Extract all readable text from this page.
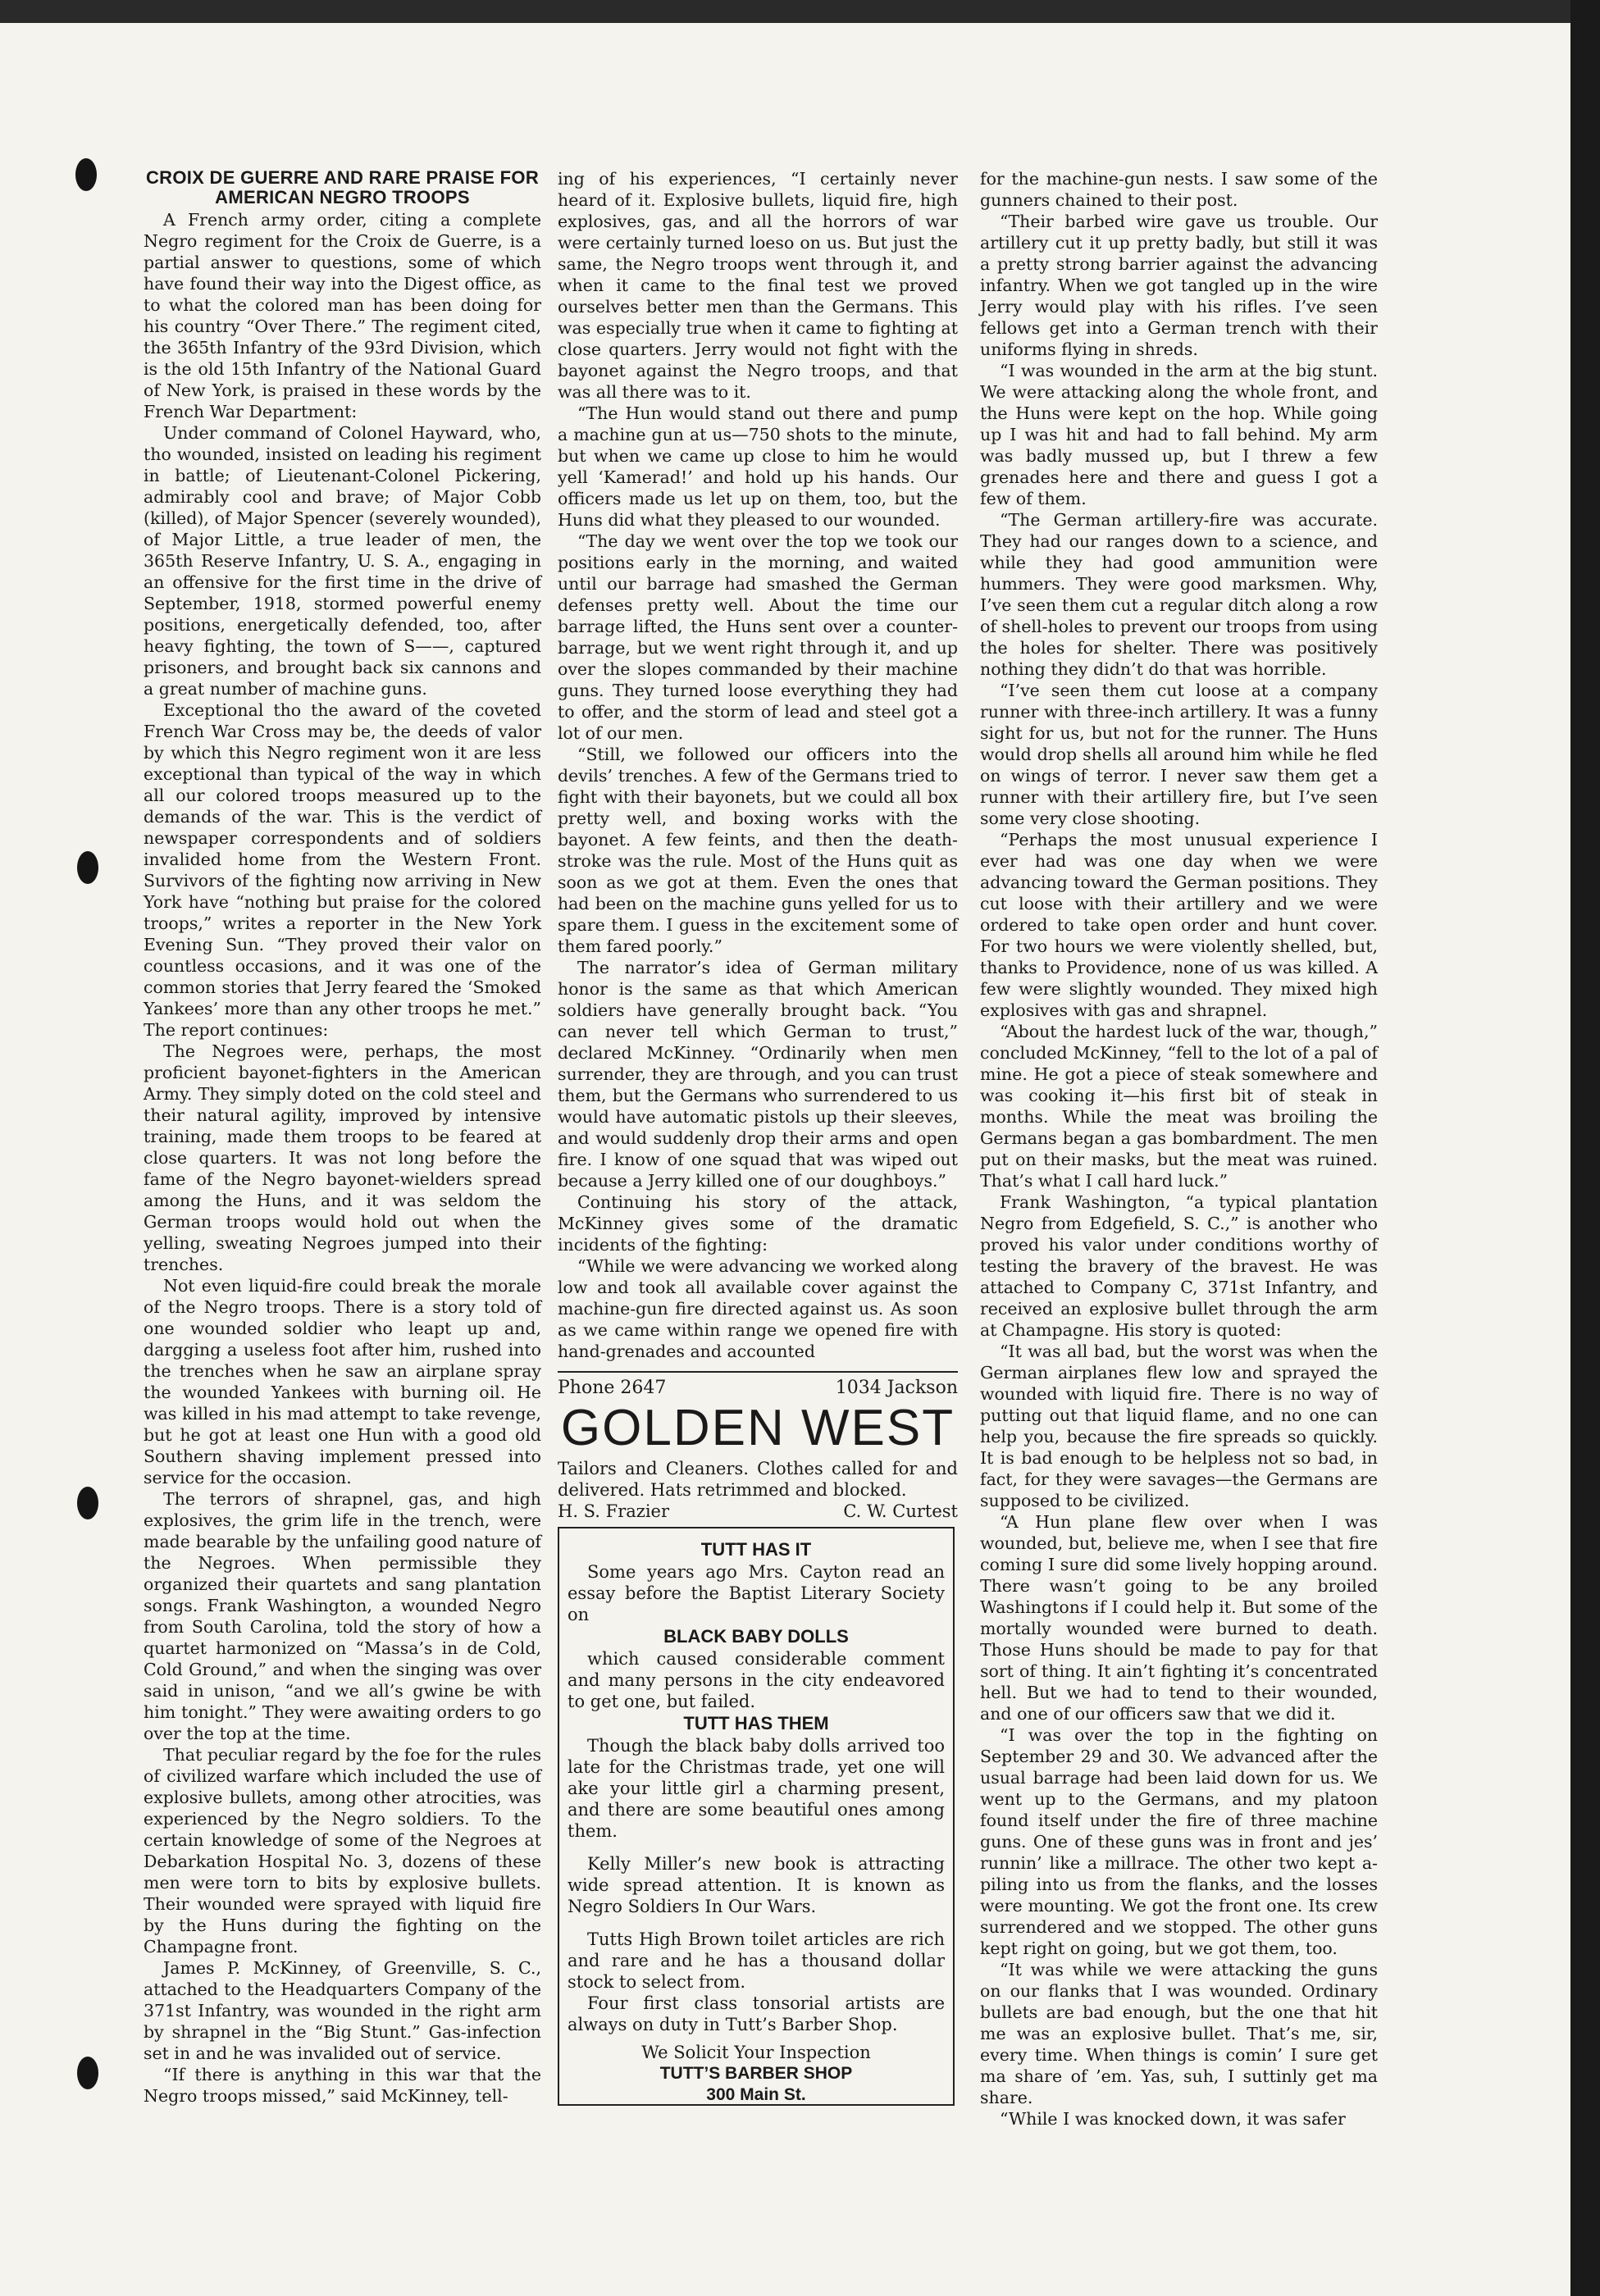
CROIX DE GUERRE AND RARE PRAISE FOR AMERICAN NEGRO TROOPS

A French army order, citing a complete Negro regiment for the Croix de Guerre, is a partial answer to questions, some of which have found their way into the Digest office, as to what the colored man has been doing for his country “Over There.” The regiment cited, the 365th Infantry of the 93rd Division, which is the old 15th Infantry of the National Guard of New York, is praised in these words by the French War Department:

Under command of Colonel Hayward, who, tho wounded, insisted on leading his regiment in battle; of Lieutenant-Colonel Pickering, admirably cool and brave; of Major Cobb (killed), of Major Spencer (severely wounded), of Major Little, a true leader of men, the 365th Reserve Infantry, U. S. A., engaging in an offensive for the first time in the drive of September, 1918, stormed powerful enemy positions, energetically defended, too, after heavy fighting, the town of S——, captured prisoners, and brought back six cannons and a great number of machine guns.

Exceptional tho the award of the coveted French War Cross may be, the deeds of valor by which this Negro regiment won it are less exceptional than typical of the way in which all our colored troops measured up to the demands of the war. This is the verdict of newspaper correspondents and of soldiers invalided home from the Western Front. Survivors of the fighting now arriving in New York have “nothing but praise for the colored troops,” writes a reporter in the New York Evening Sun. “They proved their valor on countless occasions, and it was one of the common stories that Jerry feared the ‘Smoked Yankees’ more than any other troops he met.” The report continues:

The Negroes were, perhaps, the most proficient bayonet-fighters in the American Army. They simply doted on the cold steel and their natural agility, improved by intensive training, made them troops to be feared at close quarters. It was not long before the fame of the Negro bayonet-wielders spread among the Huns, and it was seldom the German troops would hold out when the yelling, sweating Negroes jumped into their trenches.

Not even liquid-fire could break the morale of the Negro troops. There is a story told of one wounded soldier who leapt up and, dargging a useless foot after him, rushed into the trenches when he saw an airplane spray the wounded Yankees with burning oil. He was killed in his mad attempt to take revenge, but he got at least one Hun with a good old Southern shaving implement pressed into service for the occasion.

The terrors of shrapnel, gas, and high explosives, the grim life in the trench, were made bearable by the unfailing good nature of the Negroes. When permissible they organized their quartets and sang plantation songs. Frank Washington, a wounded Negro from South Carolina, told the story of how a quartet harmonized on “Massa’s in de Cold, Cold Ground,” and when the singing was over said in unison, “and we all’s gwine be with him tonight.” They were awaiting orders to go over the top at the time.

That peculiar regard by the foe for the rules of civilized warfare which included the use of explosive bullets, among other atrocities, was experienced by the Negro soldiers. To the certain knowledge of some of the Negroes at Debarkation Hospital No. 3, dozens of these men were torn to bits by explosive bullets. Their wounded were sprayed with liquid fire by the Huns during the fighting on the Champagne front.

James P. McKinney, of Greenville, S. C., attached to the Headquarters Company of the 371st Infantry, was wounded in the right arm by shrapnel in the “Big Stunt.” Gas-infection set in and he was invalided out of service.

“If there is anything in this war that the Negro troops missed,” said McKinney, tell-

ing of his experiences, “I certainly never heard of it. Explosive bullets, liquid fire, high explosives, gas, and all the horrors of war were certainly turned loeso on us. But just the same, the Negro troops went through it, and when it came to the final test we proved ourselves better men than the Germans. This was especially true when it came to fighting at close quarters. Jerry would not fight with the bayonet against the Negro troops, and that was all there was to it.

“The Hun would stand out there and pump a machine gun at us—750 shots to the minute, but when we came up close to him he would yell ‘Kamerad!’ and hold up his hands. Our officers made us let up on them, too, but the Huns did what they pleased to our wounded.

“The day we went over the top we took our positions early in the morning, and waited until our barrage had smashed the German defenses pretty well. About the time our barrage lifted, the Huns sent over a counter-barrage, but we went right through it, and up over the slopes commanded by their machine guns. They turned loose everything they had to offer, and the storm of lead and steel got a lot of our men.

“Still, we followed our officers into the devils’ trenches. A few of the Germans tried to fight with their bayonets, but we could all box pretty well, and boxing works with the bayonet. A few feints, and then the death-stroke was the rule. Most of the Huns quit as soon as we got at them. Even the ones that had been on the machine guns yelled for us to spare them. I guess in the excitement some of them fared poorly.”

The narrator’s idea of German military honor is the same as that which American soldiers have generally brought back. “You can never tell which German to trust,” declared McKinney. “Ordinarily when men surrender, they are through, and you can trust them, but the Germans who surrendered to us would have automatic pistols up their sleeves, and would suddenly drop their arms and open fire. I know of one squad that was wiped out because a Jerry killed one of our doughboys.”

Continuing his story of the attack, McKinney gives some of the dramatic incidents of the fighting:

“While we were advancing we worked along low and took all available cover against the machine-gun fire directed against us. As soon as we came within range we opened fire with hand-grenades and accounted

Phone 2647	1034 Jackson
GOLDEN WEST
Tailors and Cleaners. Clothes called for and delivered. Hats retrimmed and blocked.
H. S. Frazier	C. W. Curtest
TUTT HAS IT

Some years ago Mrs. Cayton read an essay before the Baptist Literary Society on

BLACK BABY DOLLS

which caused considerable comment and many persons in the city endeavored to get one, but failed.

TUTT HAS THEM

Though the black baby dolls arrived too late for the Christmas trade, yet one will ake your little girl a charming present, and there are some beautiful ones among them.

Kelly Miller’s new book is attracting wide spread attention. It is known as Negro Soldiers In Our Wars.

Tutts High Brown toilet articles are rich and rare and he has a thousand dollar stock to select from.

Four first class tonsorial artists are always on duty in Tutt’s Barber Shop.

We Solicit Your Inspection

TUTT’S BARBER SHOP

300 Main St.

for the machine-gun nests. I saw some of the gunners chained to their post.

“Their barbed wire gave us trouble. Our artillery cut it up pretty badly, but still it was a pretty strong barrier against the advancing infantry. When we got tangled up in the wire Jerry would play with his rifles. I’ve seen fellows get into a German trench with their uniforms flying in shreds.

“I was wounded in the arm at the big stunt. We were attacking along the whole front, and the Huns were kept on the hop. While going up I was hit and had to fall behind. My arm was badly mussed up, but I threw a few grenades here and there and guess I got a few of them.

“The German artillery-fire was accurate. They had our ranges down to a science, and while they had good ammunition were hummers. They were good marksmen. Why, I’ve seen them cut a regular ditch along a row of shell-holes to prevent our troops from using the holes for shelter. There was positively nothing they didn’t do that was horrible.

“I’ve seen them cut loose at a company runner with three-inch artillery. It was a funny sight for us, but not for the runner. The Huns would drop shells all around him while he fled on wings of terror. I never saw them get a runner with their artillery fire, but I’ve seen some very close shooting.

“Perhaps the most unusual experience I ever had was one day when we were advancing toward the German positions. They cut loose with their artillery and we were ordered to take open order and hunt cover. For two hours we were violently shelled, but, thanks to Providence, none of us was killed. A few were slightly wounded. They mixed high explosives with gas and shrapnel.

“About the hardest luck of the war, though,” concluded McKinney, “fell to the lot of a pal of mine. He got a piece of steak somewhere and was cooking it—his first bit of steak in months. While the meat was broiling the Germans began a gas bombardment. The men put on their masks, but the meat was ruined. That’s what I call hard luck.”

Frank Washington, “a typical plantation Negro from Edgefield, S. C.,” is another who proved his valor under conditions worthy of testing the bravery of the bravest. He was attached to Company C, 371st Infantry, and received an explosive bullet through the arm at Champagne. His story is quoted:

“It was all bad, but the worst was when the German airplanes flew low and sprayed the wounded with liquid fire. There is no way of putting out that liquid flame, and no one can help you, because the fire spreads so quickly. It is bad enough to be helpless not so bad, in fact, for they were savages—the Germans are supposed to be civilized.

“A Hun plane flew over when I was wounded, but, believe me, when I see that fire coming I sure did some lively hopping around. There wasn’t going to be any broiled Washingtons if I could help it. But some of the mortally wounded were burned to death. Those Huns should be made to pay for that sort of thing. It ain’t fighting it’s concentrated hell. But we had to tend to their wounded, and one of our officers saw that we did it.

“I was over the top in the fighting on September 29 and 30. We advanced after the usual barrage had been laid down for us. We went up to the Germans, and my platoon found itself under the fire of three machine guns. One of these guns was in front and jes’ runnin’ like a millrace. The other two kept a-piling into us from the flanks, and the losses were mounting. We got the front one. Its crew surrendered and we stopped. The other guns kept right on going, but we got them, too.

“It was while we were attacking the guns on our flanks that I was wounded. Ordinary bullets are bad enough, but the one that hit me was an explosive bullet. That’s me, sir, every time. When things is comin’ I sure get ma share of ’em. Yas, suh, I suttinly get ma share.

“While I was knocked down, it was safer
